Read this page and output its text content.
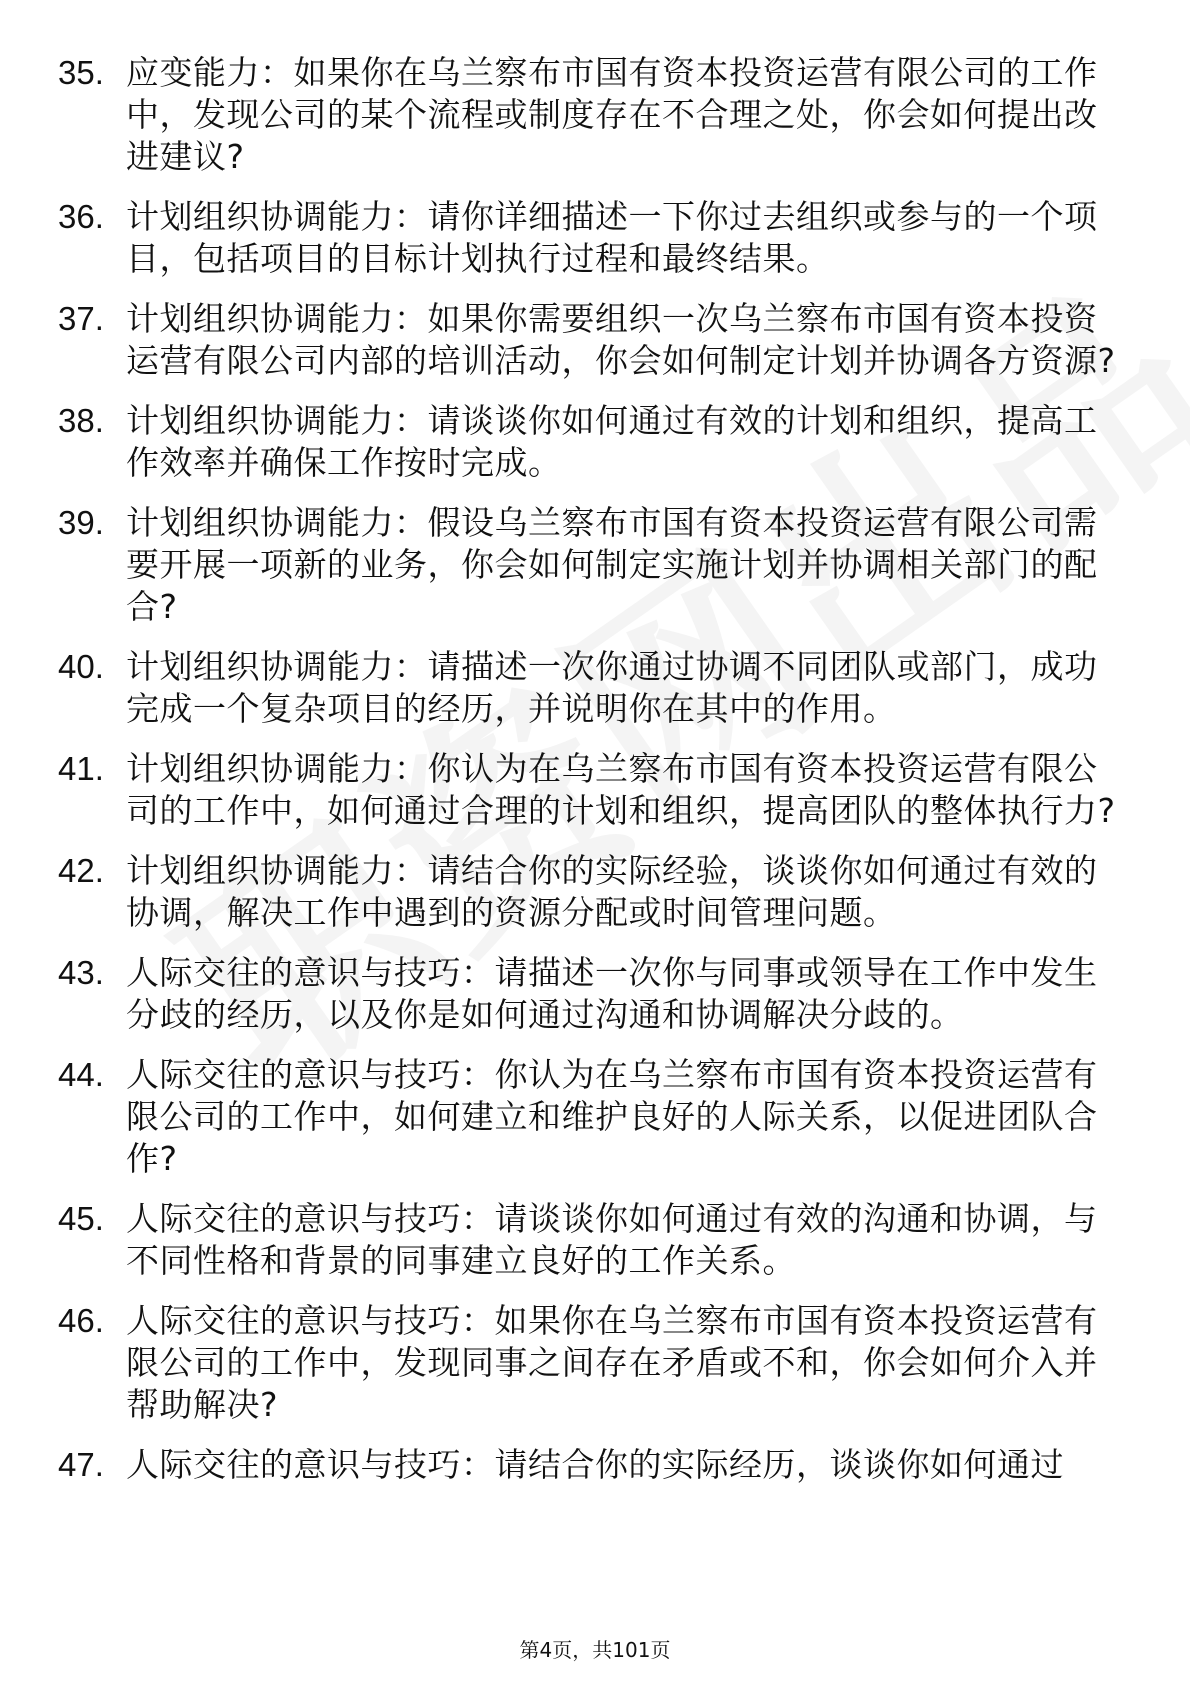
35. 应变能力：如果你在乌兰察布市国有资本投资运营有限公司的工作中，发现公司的某个流程或制度存在不合理之处，你会如何提出改进建议?
36. 计划组织协调能力：请你详细描述一下你过去组织或参与的一个项目，包括项目的目标计划执行过程和最终结果。
37. 计划组织协调能力：如果你需要组织一次乌兰察布市国有资本投资运营有限公司内部的培训活动，你会如何制定计划并协调各方资源?
38. 计划组织协调能力：请谈谈你如何通过有效的计划和组织，提高工作效率并确保工作按时完成。
39. 计划组织协调能力：假设乌兰察布市国有资本投资运营有限公司需要开展一项新的业务，你会如何制定实施计划并协调相关部门的配合?
40. 计划组织协调能力：请描述一次你通过协调不同团队或部门，成功完成一个复杂项目的经历，并说明你在其中的作用。
41. 计划组织协调能力：你认为在乌兰察布市国有资本投资运营有限公司的工作中，如何通过合理的计划和组织，提高团队的整体执行力?
42. 计划组织协调能力：请结合你的实际经验，谈谈你如何通过有效的协调，解决工作中遇到的资源分配或时间管理问题。
43. 人际交往的意识与技巧：请描述一次你与同事或领导在工作中发生分歧的经历，以及你是如何通过沟通和协调解决分歧的。
44. 人际交往的意识与技巧：你认为在乌兰察布市国有资本投资运营有限公司的工作中，如何建立和维护良好的人际关系，以促进团队合作?
45. 人际交往的意识与技巧：请谈谈你如何通过有效的沟通和协调，与不同性格和背景的同事建立良好的工作关系。
46. 人际交往的意识与技巧：如果你在乌兰察布市国有资本投资运营有限公司的工作中，发现同事之间存在矛盾或不和，你会如何介入并帮助解决?
47. 人际交往的意识与技巧：请结合你的实际经历，谈谈你如何通过
第4页，共101页
